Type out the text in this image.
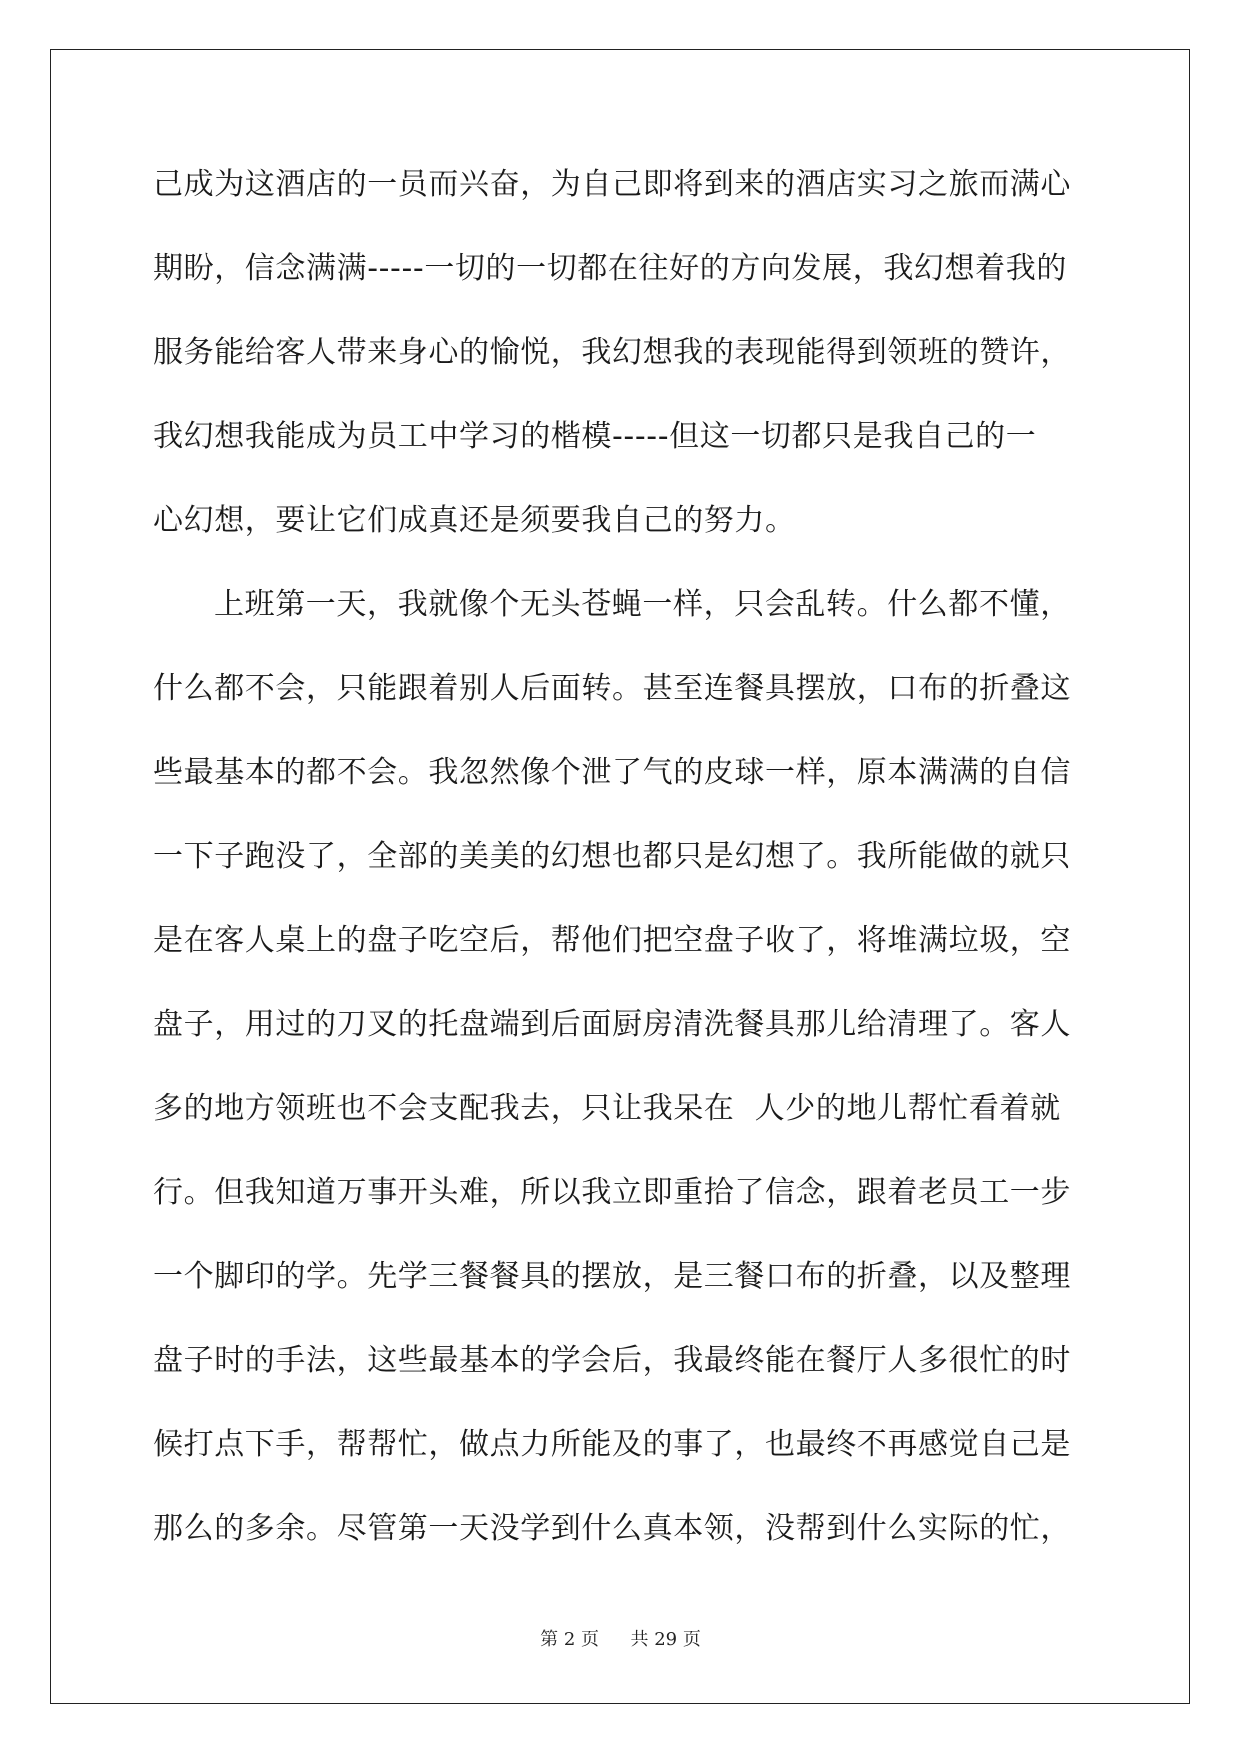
己成为这酒店的一员而兴奋，为自己即将到来的酒店实习之旅而满心
期盼，信念满满-----一切的一切都在往好的方向发展，我幻想着我的
服务能给客人带来身心的愉悦，我幻想我的表现能得到领班的赞许，
我幻想我能成为员工中学习的楷模-----但这一切都只是我自己的一
心幻想，要让它们成真还是须要我自己的努力。
上班第一天，我就像个无头苍蝇一样，只会乱转。什么都不懂，
什么都不会，只能跟着别人后面转。甚至连餐具摆放，口布的折叠这
些最基本的都不会。我忽然像个泄了气的皮球一样，原本满满的自信
一下子跑没了，全部的美美的幻想也都只是幻想了。我所能做的就只
是在客人桌上的盘子吃空后，帮他们把空盘子收了，将堆满垃圾，空
盘子，用过的刀叉的托盘端到后面厨房清洗餐具那儿给清理了。客人
多的地方领班也不会支配我去，只让我呆在  人少的地儿帮忙看着就
行。但我知道万事开头难，所以我立即重拾了信念，跟着老员工一步
一个脚印的学。先学三餐餐具的摆放，是三餐口布的折叠，以及整理
盘子时的手法，这些最基本的学会后，我最终能在餐厅人多很忙的时
候打点下手，帮帮忙，做点力所能及的事了，也最终不再感觉自己是
那么的多余。尽管第一天没学到什么真本领，没帮到什么实际的忙，
第 2 页 共 29 页
